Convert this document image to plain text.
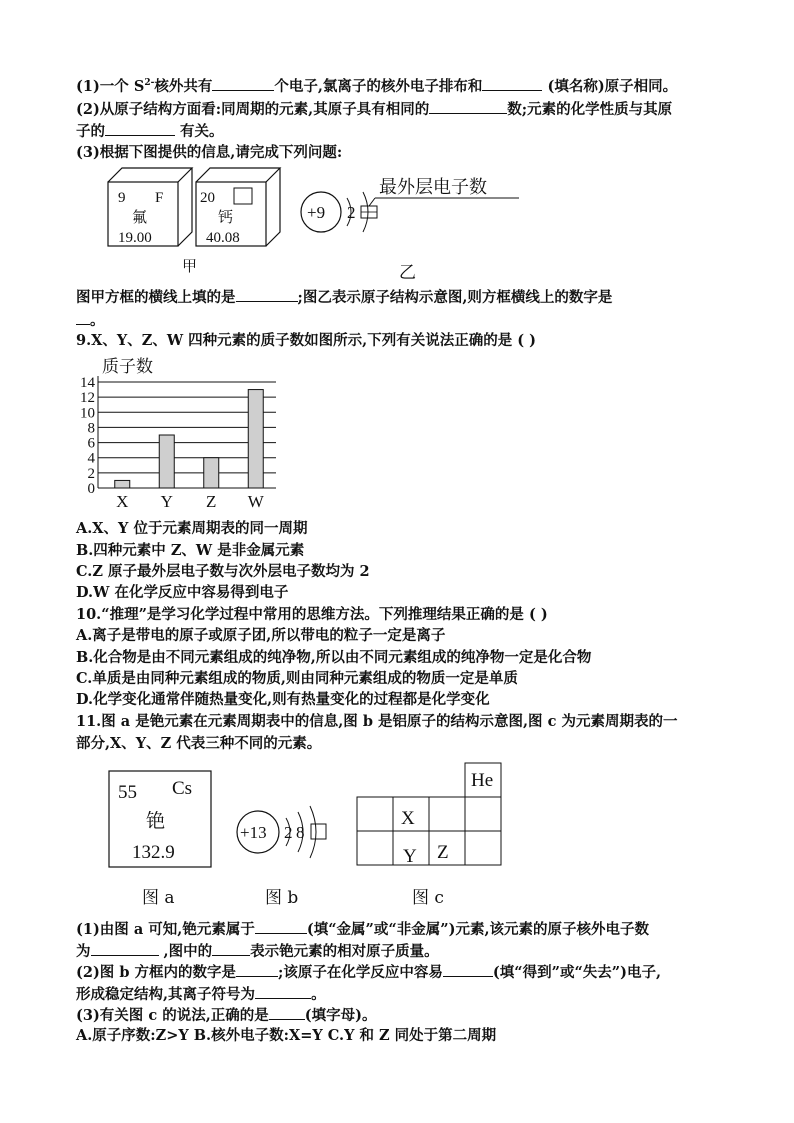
(1)一个 $S^{2-}$核外共有	个电子,氯离子的核外电子排布和	(填名称)原子相同。
(2)从原子结构方面看:同周期的元素,其原子具有相同的	数;元素的化学性质与其原
子的	有关。
(3)根据下图提供的信息,请完成下列问题:
9 F
氟
19.00
20
钙
40.08
甲
+9 2
最外层电子数
乙
图甲方框的横线上填的是	;图乙表示原子结构示意图,则方框横线上的数字是
。
9.X、Y、Z、W 四种元素的质子数如图所示,下列有关说法正确的是 ( )
质子数
0
2
4
6
8
10
12
14
X Y Z W
A.X、Y 位于元素周期表的同一周期
B.四种元素中 Z、W 是非金属元素
C.Z 原子最外层电子数与次外层电子数均为 2
D.W 在化学反应中容易得到电子
10.“推理”是学习化学过程中常用的思维方法。下列推理结果正确的是 ( )
A.离子是带电的原子或原子团,所以带电的粒子一定是离子
B.化合物是由不同元素组成的纯净物,所以由不同元素组成的纯净物一定是化合物
C.单质是由同种元素组成的物质,则由同种元素组成的物质一定是单质
D.化学变化通常伴随热量变化,则有热量变化的过程都是化学变化
11.图 a 是铯元素在元素周期表中的信息,图 b 是铝原子的结构示意图,图 c 为元素周期表的一
部分,X、Y、Z 代表三种不同的元素。
55 Cs
铯
132.9
图 a
+13 2 8
图 b
He
X
Y Z
图 c
(1)由图 a 可知,铯元素属于	(填“金属”或“非金属”)元素,该元素的原子核外电子数
为	,图中的	表示铯元素的相对原子质量。
(2)图 b 方框内的数字是	;该原子在化学反应中容易	(填“得到”或“失去”)电子,
形成稳定结构,其离子符号为	。
(3)有关图 c 的说法,正确的是 (填字母)。
A.原子序数:Z>Y B.核外电子数:X=Y C.Y 和 Z 同处于第二周期
